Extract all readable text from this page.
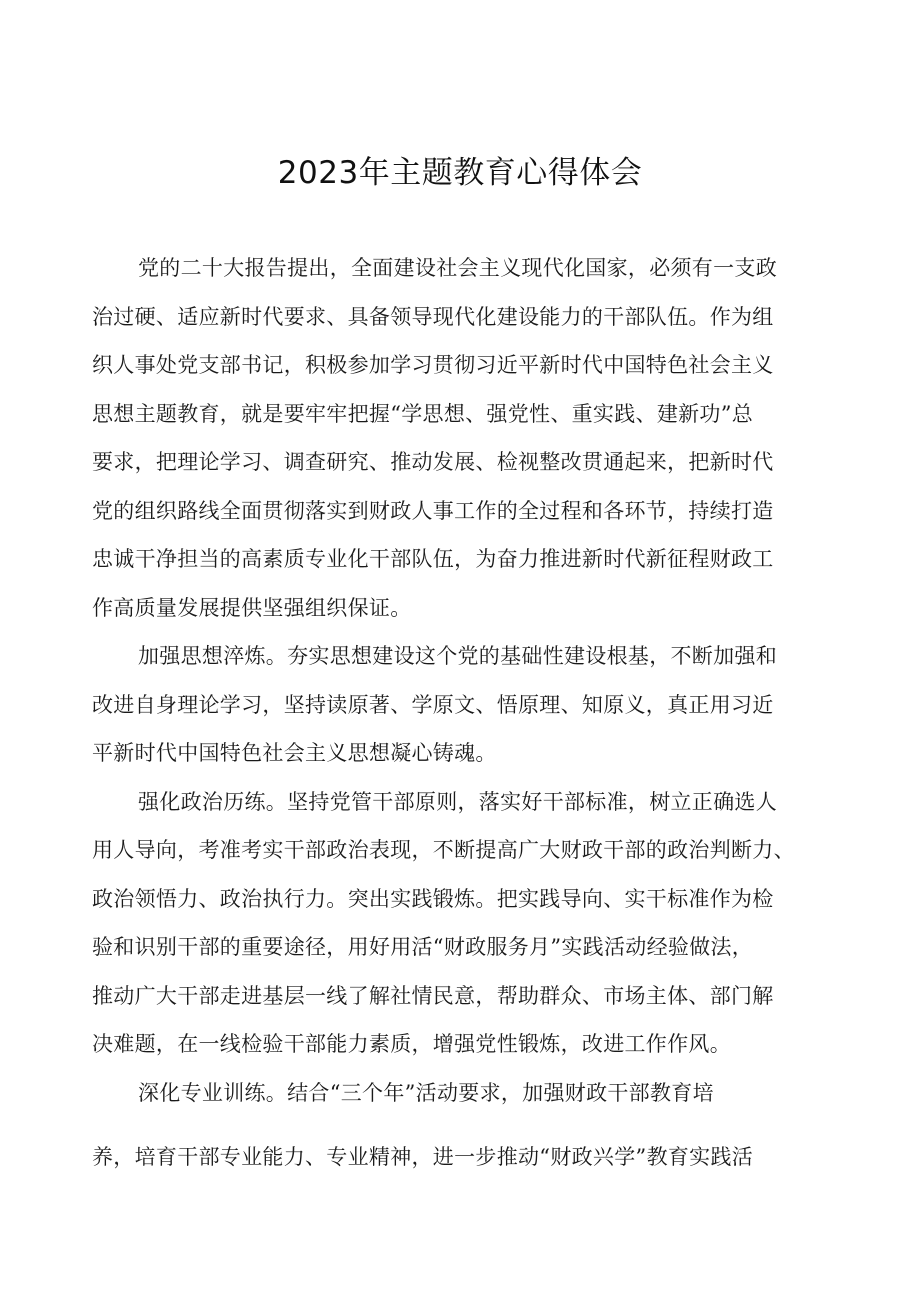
2023年主题教育心得体会
党的二十大报告提出，全面建设社会主义现代化国家，必须有一支政
治过硬、适应新时代要求、具备领导现代化建设能力的干部队伍。作为组
织人事处党支部书记，积极参加学习贯彻习近平新时代中国特色社会主义
思想主题教育，就是要牢牢把握“学思想、强党性、重实践、建新功”总
要求，把理论学习、调查研究、推动发展、检视整改贯通起来，把新时代
党的组织路线全面贯彻落实到财政人事工作的全过程和各环节，持续打造
忠诚干净担当的高素质专业化干部队伍，为奋力推进新时代新征程财政工
作高质量发展提供坚强组织保证。
加强思想淬炼。夯实思想建设这个党的基础性建设根基，不断加强和
改进自身理论学习，坚持读原著、学原文、悟原理、知原义，真正用习近
平新时代中国特色社会主义思想凝心铸魂。
强化政治历练。坚持党管干部原则，落实好干部标准，树立正确选人
用人导向，考准考实干部政治表现，不断提高广大财政干部的政治判断力、
政治领悟力、政治执行力。突出实践锻炼。把实践导向、实干标准作为检
验和识别干部的重要途径，用好用活“财政服务月”实践活动经验做法，
推动广大干部走进基层一线了解社情民意，帮助群众、市场主体、部门解
决难题，在一线检验干部能力素质，增强党性锻炼，改进工作作风。
深化专业训练。结合“三个年”活动要求，加强财政干部教育培
养，培育干部专业能力、专业精神，进一步推动“财政兴学”教育实践活
